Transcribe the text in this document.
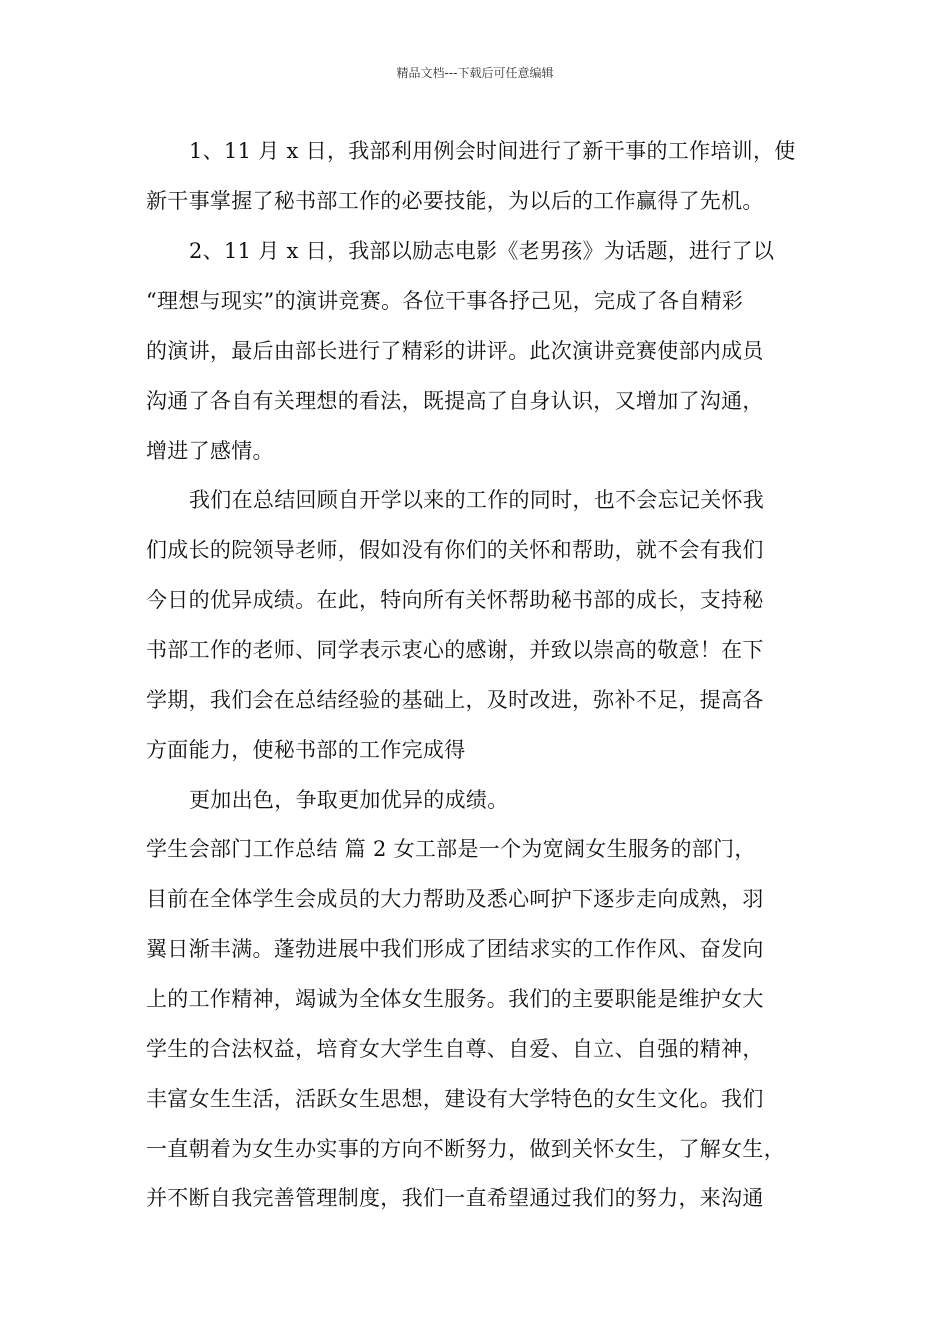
精品文档---下载后可任意编辑
1、11 月 x 日，我部利用例会时间进行了新干事的工作培训，使
新干事掌握了秘书部工作的必要技能，为以后的工作赢得了先机。
2、11 月 x 日，我部以励志电影《老男孩》为话题，进行了以
“理想与现实”的演讲竞赛。各位干事各抒己见，完成了各自精彩
的演讲，最后由部长进行了精彩的讲评。此次演讲竞赛使部内成员
沟通了各自有关理想的看法，既提高了自身认识，又增加了沟通，
增进了感情。
我们在总结回顾自开学以来的工作的同时，也不会忘记关怀我
们成长的院领导老师，假如没有你们的关怀和帮助，就不会有我们
今日的优异成绩。在此，特向所有关怀帮助秘书部的成长，支持秘
书部工作的老师、同学表示衷心的感谢，并致以崇高的敬意！在下
学期，我们会在总结经验的基础上，及时改进，弥补不足，提高各
方面能力，使秘书部的工作完成得
更加出色，争取更加优异的成绩。
学生会部门工作总结 篇 2 女工部是一个为宽阔女生服务的部门，
目前在全体学生会成员的大力帮助及悉心呵护下逐步走向成熟，羽
翼日渐丰满。蓬勃进展中我们形成了团结求实的工作作风、奋发向
上的工作精神，竭诚为全体女生服务。我们的主要职能是维护女大
学生的合法权益，培育女大学生自尊、自爱、自立、自强的精神，
丰富女生生活，活跃女生思想，建设有大学特色的女生文化。我们
一直朝着为女生办实事的方向不断努力，做到关怀女生，了解女生，
并不断自我完善管理制度，我们一直希望通过我们的努力，来沟通
